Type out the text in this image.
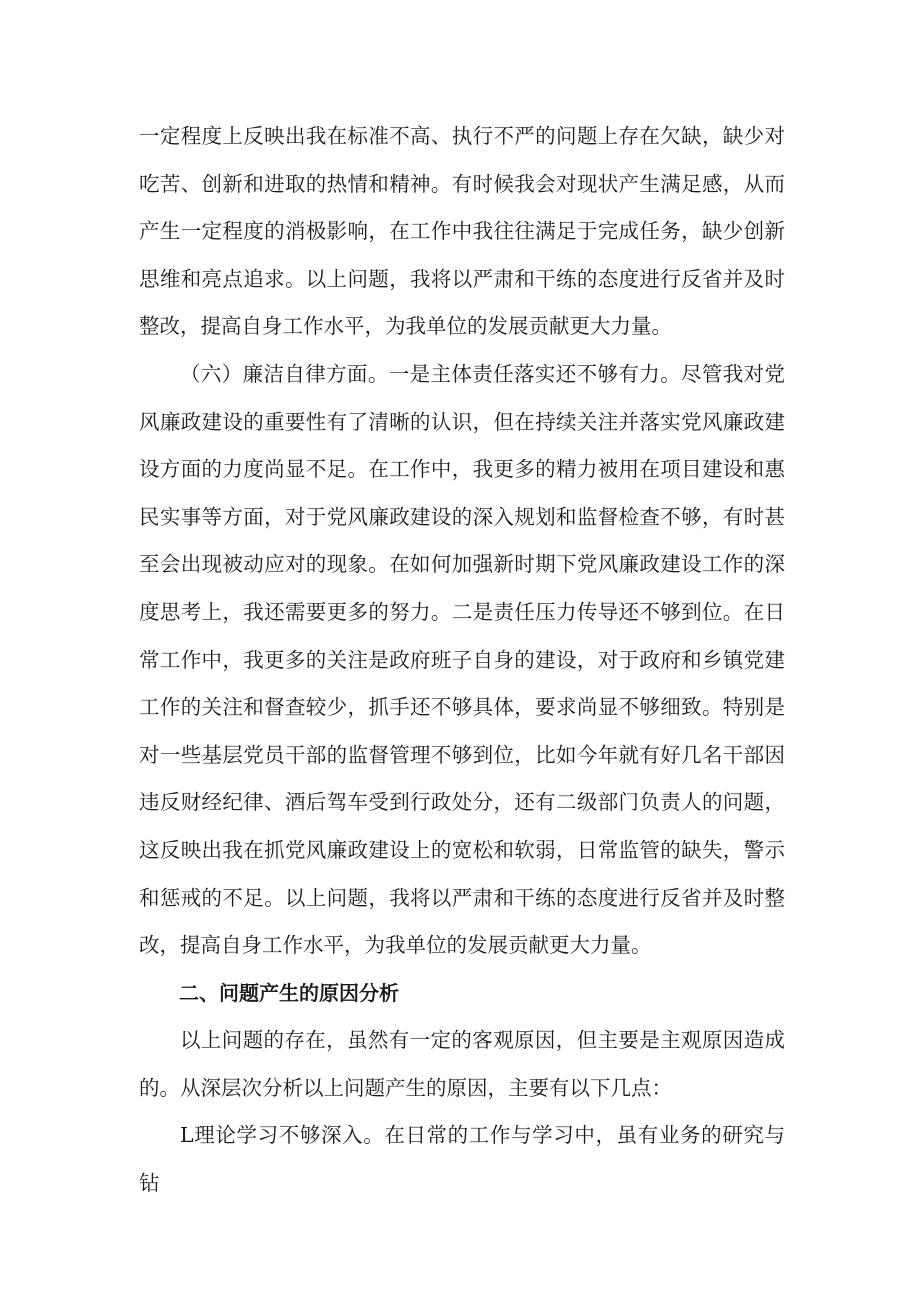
一定程度上反映出我在标准不高、执行不严的问题上存在欠缺，缺少对吃苦、创新和进取的热情和精神。有时候我会对现状产生满足感，从而产生一定程度的消极影响，在工作中我往往满足于完成任务，缺少创新思维和亮点追求。以上问题，我将以严肃和干练的态度进行反省并及时整改，提高自身工作水平，为我单位的发展贡献更大力量。

（六）廉洁自律方面。一是主体责任落实还不够有力。尽管我对党风廉政建设的重要性有了清晰的认识，但在持续关注并落实党风廉政建设方面的力度尚显不足。在工作中，我更多的精力被用在项目建设和惠民实事等方面，对于党风廉政建设的深入规划和监督检查不够，有时甚至会出现被动应对的现象。在如何加强新时期下党风廉政建设工作的深度思考上，我还需要更多的努力。二是责任压力传导还不够到位。在日常工作中，我更多的关注是政府班子自身的建设，对于政府和乡镇党建工作的关注和督查较少，抓手还不够具体，要求尚显不够细致。特别是对一些基层党员干部的监督管理不够到位，比如今年就有好几名干部因违反财经纪律、酒后驾车受到行政处分，还有二级部门负责人的问题，这反映出我在抓党风廉政建设上的宽松和软弱，日常监管的缺失，警示和惩戒的不足。以上问题，我将以严肃和干练的态度进行反省并及时整改，提高自身工作水平，为我单位的发展贡献更大力量。

二、问题产生的原因分析

以上问题的存在，虽然有一定的客观原因，但主要是主观原因造成的。从深层次分析以上问题产生的原因，主要有以下几点：

L理论学习不够深入。在日常的工作与学习中，虽有业务的研究与钻
